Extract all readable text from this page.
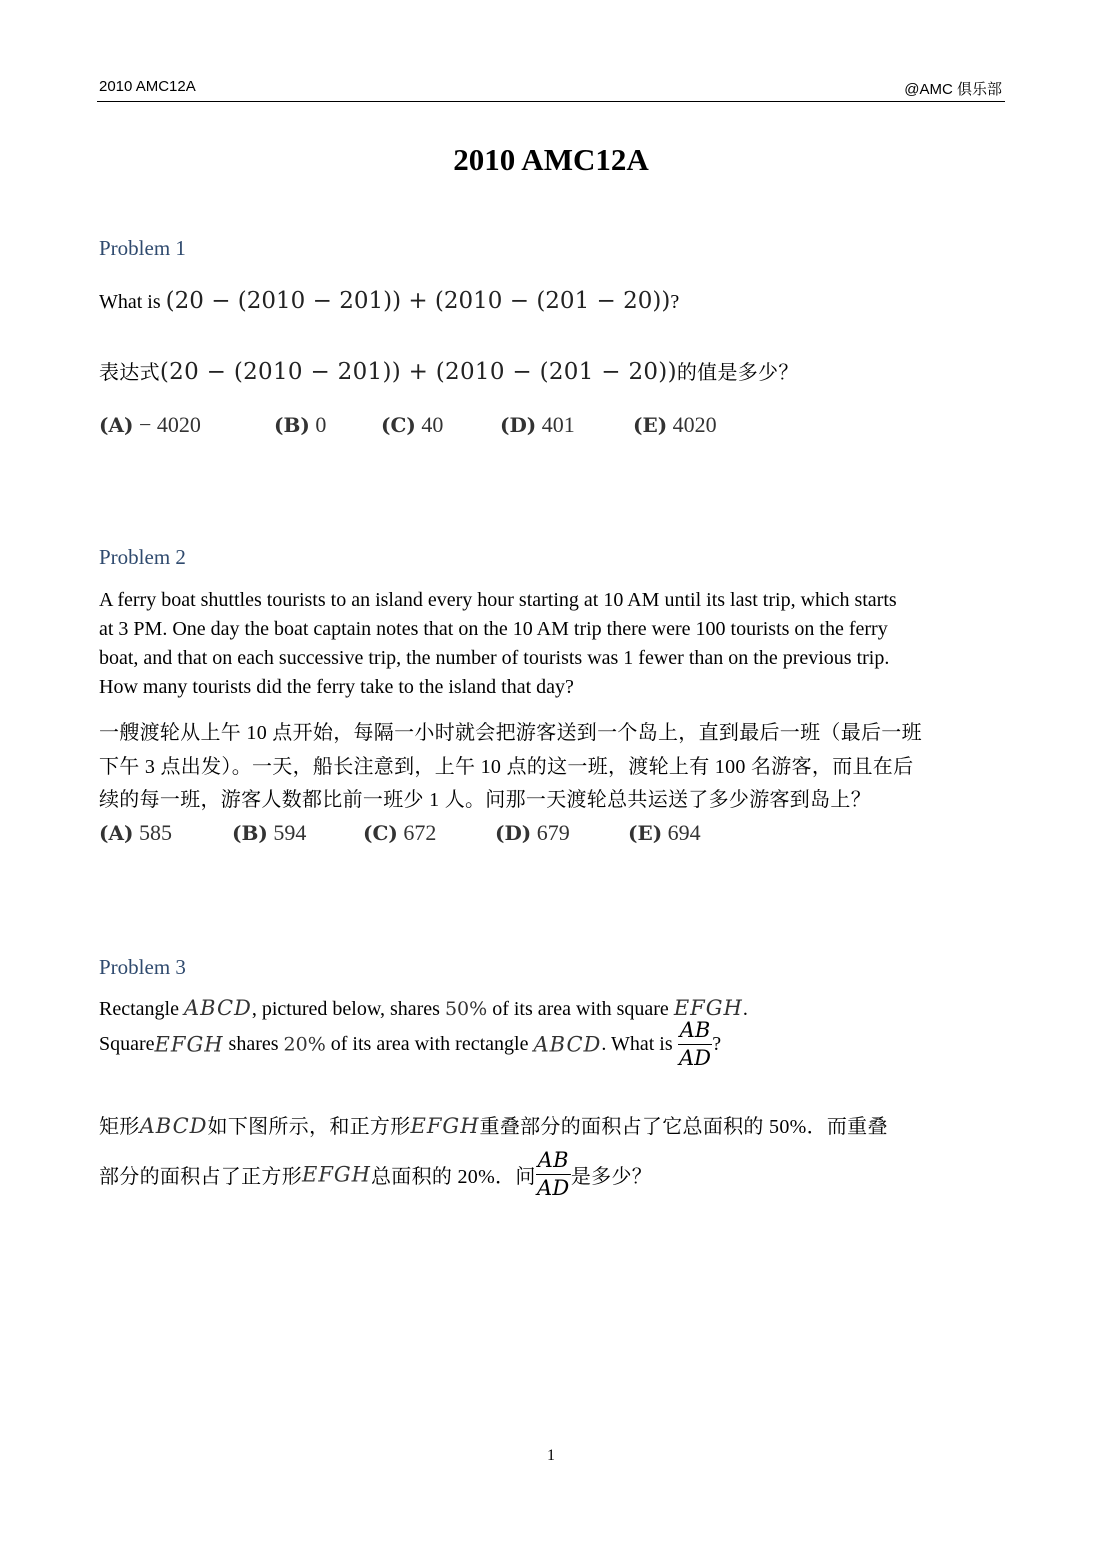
2010 AMC12A	@AMC 俱乐部
2010 AMC12A
Problem 1
What is (20 − (2010 − 201)) + (2010 − (201 − 20))?
表达式(20 − (2010 − 201)) + (2010 − (201 − 20))的值是多少？
(A) − 4020	(B) 0	(C) 40	(D) 401	(E) 4020
Problem 2
A ferry boat shuttles tourists to an island every hour starting at 10 AM until its last trip, which starts
at 3 PM. One day the boat captain notes that on the 10 AM trip there were 100 tourists on the ferry
boat, and that on each successive trip, the number of tourists was 1 fewer than on the previous trip.
How many tourists did the ferry take to the island that day?
一艘渡轮从上午 10 点开始，每隔一小时就会把游客送到一个岛上，直到最后一班（最后一班
下午 3 点出发）。一天，船长注意到，上午 10 点的这一班，渡轮上有 100 名游客，而且在后
续的每一班，游客人数都比前一班少 1 人。问那一天渡轮总共运送了多少游客到岛上？
(A) 585	(B) 594	(C) 672	(D) 679	(E) 694
Problem 3
Rectangle ABCD, pictured below, shares 50% of its area with square EFGH.
SquareEFGH shares 20% of its area with rectangle ABCD. What is $\frac{AB}{AD}$ ?
矩形ABCD如下图所示，和正方形EFGH重叠部分的面积占了它总面积的 50%．而重叠
部分的面积占了正方形EFGH总面积的 20%．问 $\frac{AB}{AD}$ 是多少？
1
